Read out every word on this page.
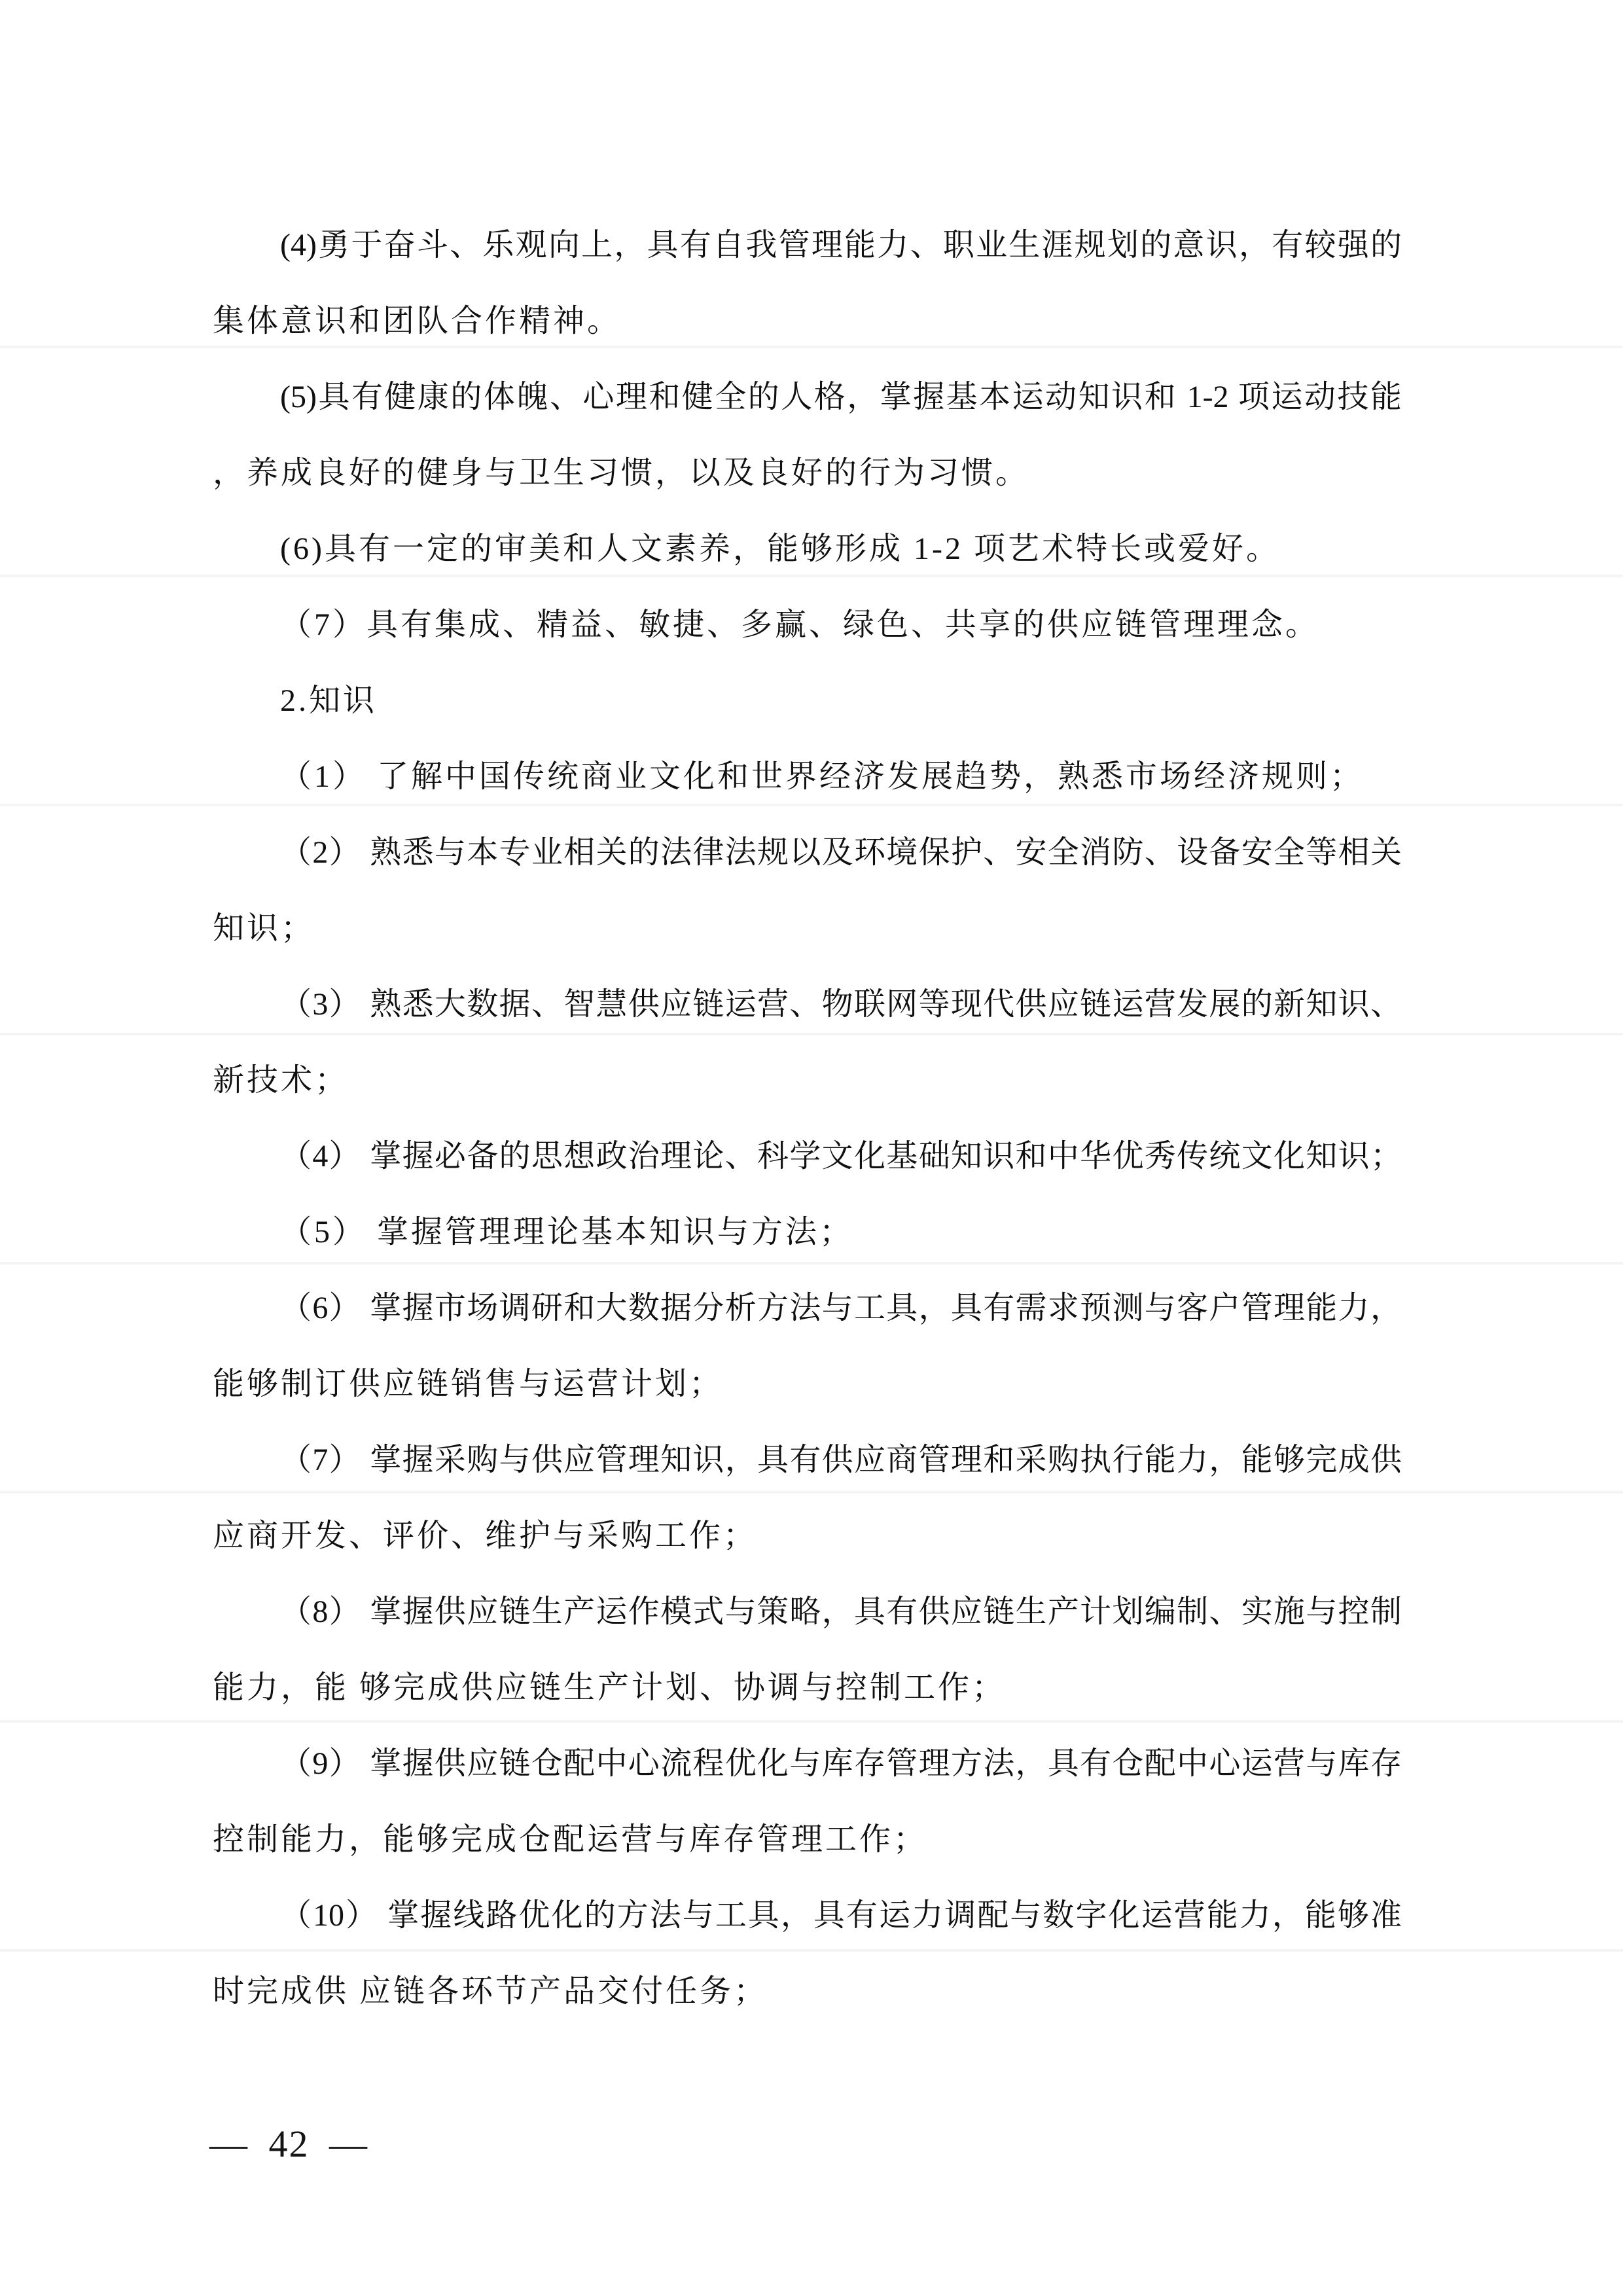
(4)勇于奋斗、乐观向上，具有自我管理能力、职业生涯规划的意识，有较强的
集体意识和团队合作精神。
(5)具有健康的体魄、心理和健全的人格，掌握基本运动知识和 1-2 项运动技能
，养成良好的健身与卫生习惯，以及良好的行为习惯。
(6)具有一定的审美和人文素养，能够形成 1-2 项艺术特长或爱好。
（7）具有集成、精益、敏捷、多赢、绿色、共享的供应链管理理念。
2.知识
（1） 了解中国传统商业文化和世界经济发展趋势，熟悉市场经济规则；
（2） 熟悉与本专业相关的法律法规以及环境保护、安全消防、设备安全等相关
知识；
（3） 熟悉大数据、智慧供应链运营、物联网等现代供应链运营发展的新知识、
新技术；
（4） 掌握必备的思想政治理论、科学文化基础知识和中华优秀传统文化知识；
（5） 掌握管理理论基本知识与方法；
（6） 掌握市场调研和大数据分析方法与工具，具有需求预测与客户管理能力，
能够制订供应链销售与运营计划；
（7） 掌握采购与供应管理知识，具有供应商管理和采购执行能力，能够完成供
应商开发、评价、维护与采购工作；
（8） 掌握供应链生产运作模式与策略，具有供应链生产计划编制、实施与控制
能力，能 够完成供应链生产计划、协调与控制工作；
（9） 掌握供应链仓配中心流程优化与库存管理方法，具有仓配中心运营与库存
控制能力，能够完成仓配运营与库存管理工作；
（10） 掌握线路优化的方法与工具，具有运力调配与数字化运营能力，能够准
时完成供 应链各环节产品交付任务；
— 42 —
